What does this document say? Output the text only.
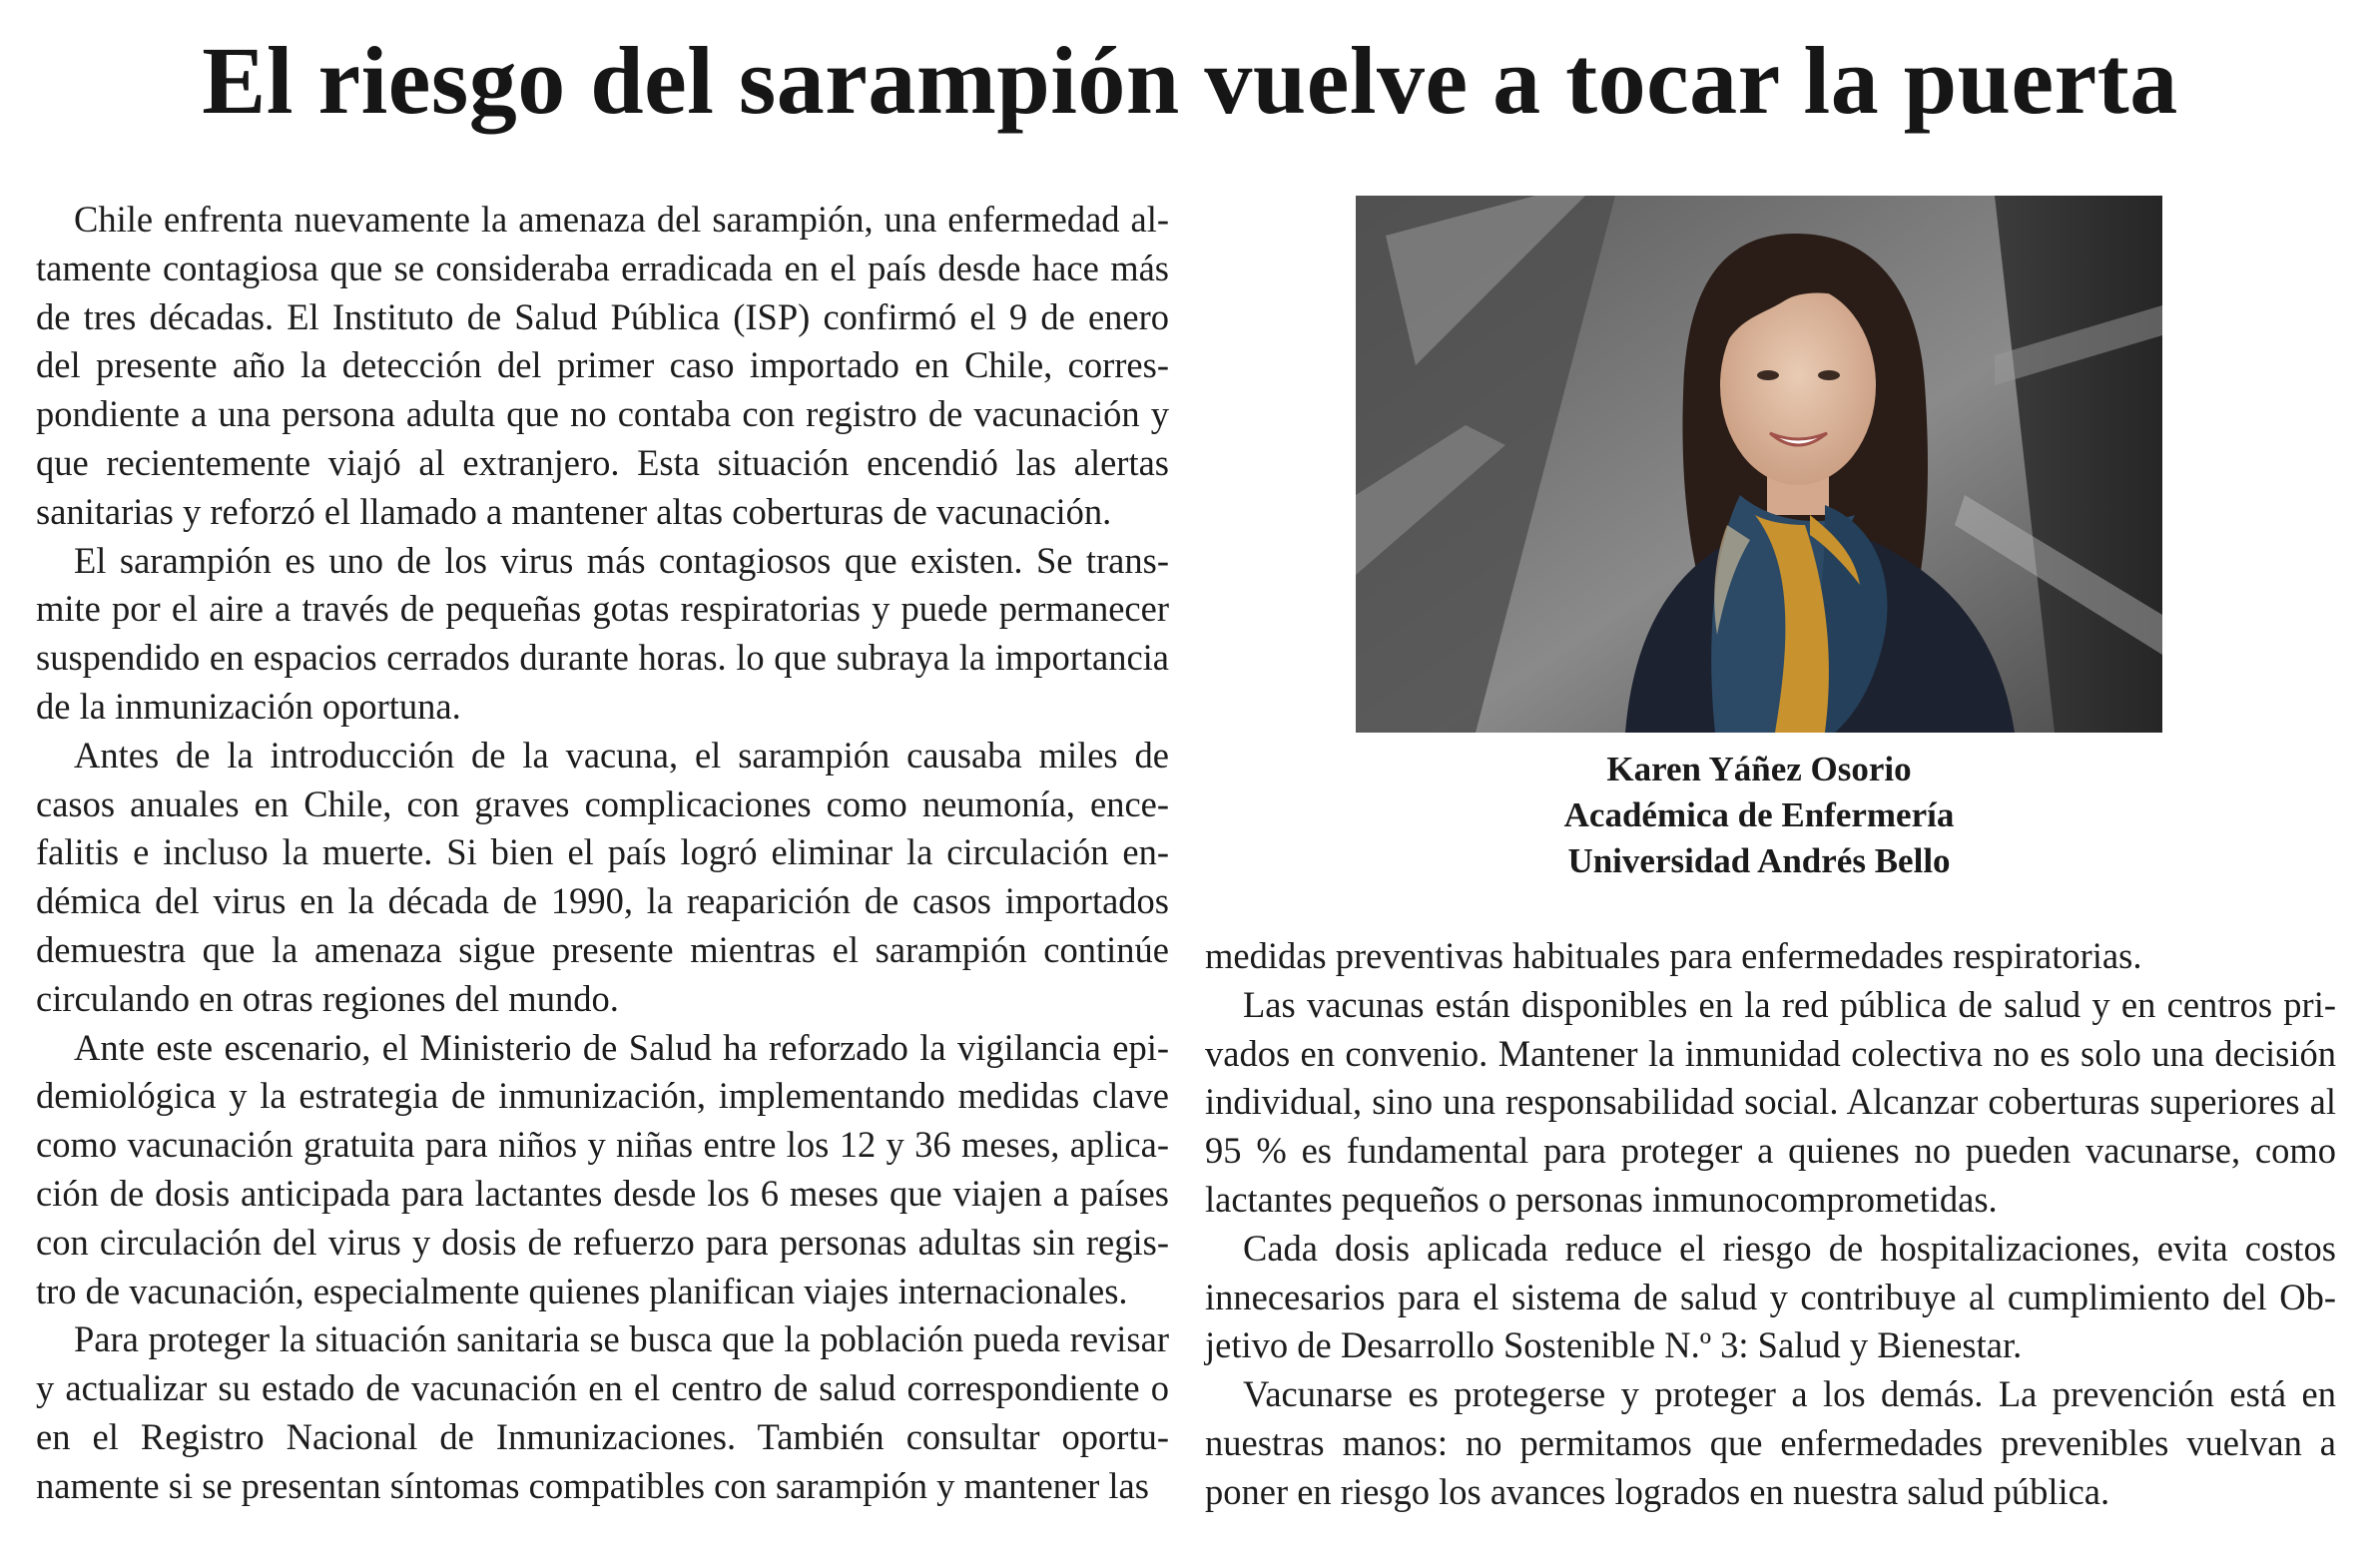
El riesgo del sarampión vuelve a tocar la puerta

Chile enfrenta nuevamente la amenaza del sarampión, una enfermedad altamente contagiosa que se consideraba erradicada en el país desde hace más de tres décadas. El Instituto de Salud Pública (ISP) confirmó el 9 de enero del presente año la detección del primer caso importado en Chile, correspondiente a una persona adulta que no contaba con registro de vacunación y que recientemente viajó al extranjero. Esta situación encendió las alertas sanitarias y reforzó el llamado a mantener altas coberturas de vacunación.

El sarampión es uno de los virus más contagiosos que existen. Se transmite por el aire a través de pequeñas gotas respiratorias y puede permanecer suspendido en espacios cerrados durante horas. lo que subraya la importancia de la inmunización oportuna.

Antes de la introducción de la vacuna, el sarampión causaba miles de casos anuales en Chile, con graves complicaciones como neumonía, encefalitis e incluso la muerte. Si bien el país logró eliminar la circulación endémica del virus en la década de 1990, la reaparición de casos importados demuestra que la amenaza sigue presente mientras el sarampión continúe circulando en otras regiones del mundo.

Ante este escenario, el Ministerio de Salud ha reforzado la vigilancia epidemiológica y la estrategia de inmunización, implementando medidas clave como vacunación gratuita para niños y niñas entre los 12 y 36 meses, aplicación de dosis anticipada para lactantes desde los 6 meses que viajen a países con circulación del virus y dosis de refuerzo para personas adultas sin registro de vacunación, especialmente quienes planifican viajes internacionales.

Para proteger la situación sanitaria se busca que la población pueda revisar y actualizar su estado de vacunación en el centro de salud correspondiente o en el Registro Nacional de Inmunizaciones. También consultar oportunamente si se presentan síntomas compatibles con sarampión y mantener las

Karen Yáñez Osorio
Académica de Enfermería
Universidad Andrés Bello

medidas preventivas habituales para enfermedades respiratorias.

Las vacunas están disponibles en la red pública de salud y en centros privados en convenio. Mantener la inmunidad colectiva no es solo una decisión individual, sino una responsabilidad social. Alcanzar coberturas superiores al 95 % es fundamental para proteger a quienes no pueden vacunarse, como lactantes pequeños o personas inmunocomprometidas.

Cada dosis aplicada reduce el riesgo de hospitalizaciones, evita costos innecesarios para el sistema de salud y contribuye al cumplimiento del Objetivo de Desarrollo Sostenible N.º 3: Salud y Bienestar.

Vacunarse es protegerse y proteger a los demás. La prevención está en nuestras manos: no permitamos que enfermedades prevenibles vuelvan a poner en riesgo los avances logrados en nuestra salud pública.
